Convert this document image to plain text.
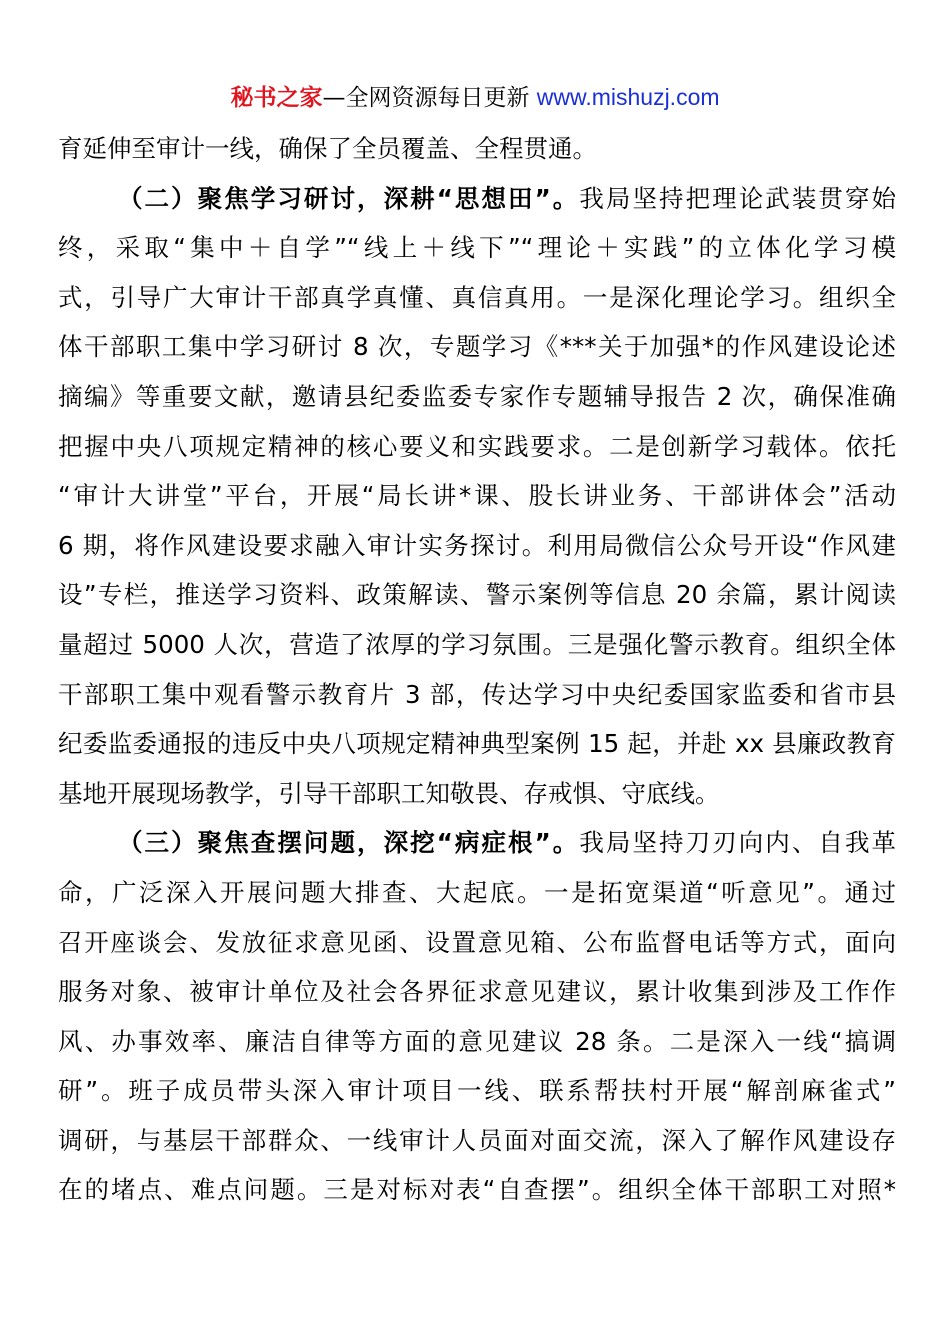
秘书之家—全网资源每日更新 www.mishuzj.com
育延伸至审计一线，确保了全员覆盖、全程贯通。
（二）聚焦学习研讨，深耕“思想田”。我局坚持把理论武装贯穿始
终，采取“集中＋自学”“线上＋线下”“理论＋实践”的立体化学习模
式，引导广大审计干部真学真懂、真信真用。一是深化理论学习。组织全
体干部职工集中学习研讨 8 次，专题学习《***关于加强*的作风建设论述
摘编》等重要文献，邀请县纪委监委专家作专题辅导报告 2 次，确保准确
把握中央八项规定精神的核心要义和实践要求。二是创新学习载体。依托
“审计大讲堂”平台，开展“局长讲*课、股长讲业务、干部讲体会”活动
6 期，将作风建设要求融入审计实务探讨。利用局微信公众号开设“作风建
设”专栏，推送学习资料、政策解读、警示案例等信息 20 余篇，累计阅读
量超过 5000 人次，营造了浓厚的学习氛围。三是强化警示教育。组织全体
干部职工集中观看警示教育片 3 部，传达学习中央纪委国家监委和省市县
纪委监委通报的违反中央八项规定精神典型案例 15 起，并赴 xx 县廉政教育
基地开展现场教学，引导干部职工知敬畏、存戒惧、守底线。
（三）聚焦查摆问题，深挖“病症根”。我局坚持刀刃向内、自我革
命，广泛深入开展问题大排查、大起底。一是拓宽渠道“听意见”。通过
召开座谈会、发放征求意见函、设置意见箱、公布监督电话等方式，面向
服务对象、被审计单位及社会各界征求意见建议，累计收集到涉及工作作
风、办事效率、廉洁自律等方面的意见建议 28 条。二是深入一线“搞调
研”。班子成员带头深入审计项目一线、联系帮扶村开展“解剖麻雀式”
调研，与基层干部群众、一线审计人员面对面交流，深入了解作风建设存
在的堵点、难点问题。三是对标对表“自查摆”。组织全体干部职工对照*
